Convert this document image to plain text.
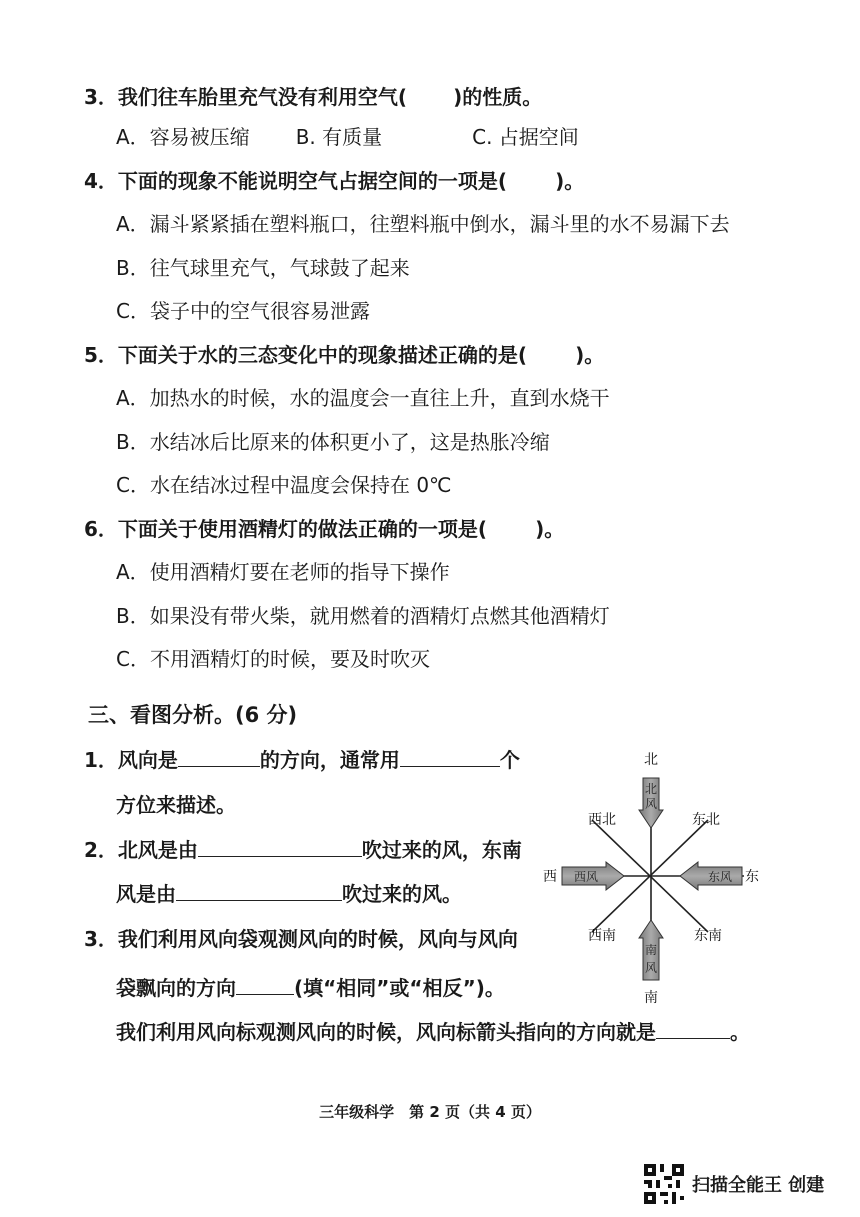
3．我们往车胎里充气没有利用空气( )的性质。
A．容易被压缩 B. 有质量	C. 占据空间
4．下面的现象不能说明空气占据空间的一项是( )。
A．漏斗紧紧插在塑料瓶口，往塑料瓶中倒水，漏斗里的水不易漏下去
B．往气球里充气，气球鼓了起来
C．袋子中的空气很容易泄露
5．下面关于水的三态变化中的现象描述正确的是( )。
A．加热水的时候，水的温度会一直往上升，直到水烧干
B．水结冰后比原来的体积更小了，这是热胀冷缩
C．水在结冰过程中温度会保持在 0℃
6．下面关于使用酒精灯的做法正确的一项是( )。
A．使用酒精灯要在老师的指导下操作
B．如果没有带火柴，就用燃着的酒精灯点燃其他酒精灯
C．不用酒精灯的时候，要及时吹灭
三、看图分析。(6 分)
1．风向是	的方向，通常用	个
方位来描述。
2．北风是由	吹过来的风，东南
风是由	吹过来的风。
3．我们利用风向袋观测风向的时候，风向与风向
袋飘向的方向	(填“相同”或“相反”)。
我们利用风向标观测风向的时候，风向标箭头指向的方向就是	。
北
风
南
风
西风	东风
北
南
西	东
西北	东北
西南	东南
三年级科学　第 2 页（共 4 页）
扫描全能王 创建
